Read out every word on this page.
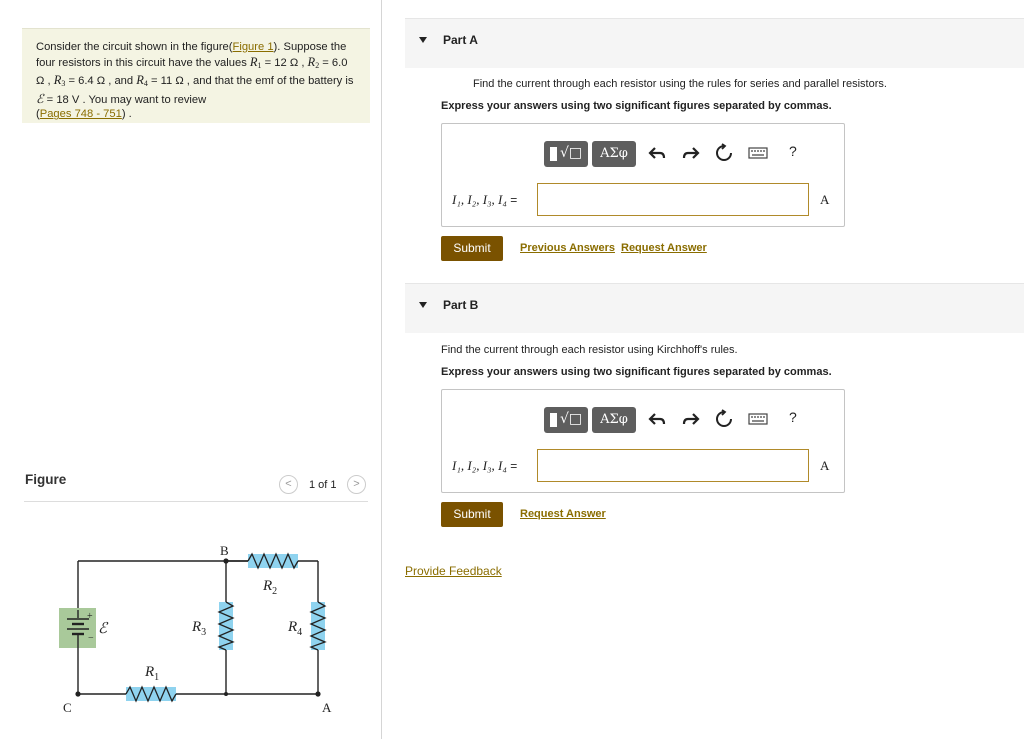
Consider the circuit shown in the figure(Figure 1). Suppose the four resistors in this circuit have the values $R_1 = 12$ Ω , $R_2 = 6.0$ Ω , $R_3 = 6.4$ Ω , and $R_4 = 11$ Ω , and that the emf of the battery is ℰ = 18 V . You may want to review
(Pages 748 - 751) .
Figure	<	1 of 1	>
+
−
ℰ
$R_2$
$R_3$	$R_4$
$R_1$
B
C	A
Part A
Find the current through each resistor using the rules for series and parallel resistors.
Express your answers using two significant figures separated by commas.
√□	ΑΣφ	?
I₁, I₂, I₃, I₄ =	A
Submit	Previous Answers Request Answer
Part B
Find the current through each resistor using Kirchhoff's rules.
Express your answers using two significant figures separated by commas.
√□	ΑΣφ	?
I₁, I₂, I₃, I₄ =	A
Submit	Request Answer
Provide Feedback
